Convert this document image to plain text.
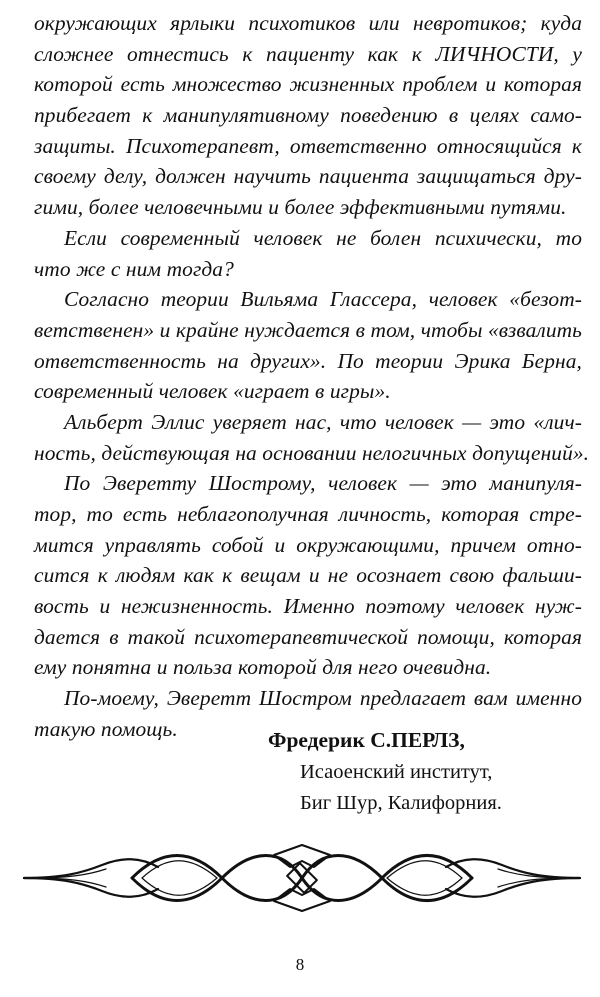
окружающих ярлыки психотиков или невротиков; куда
сложнее отнестись к пациенту как к ЛИЧНОСТИ, у
которой есть множество жизненных проблем и которая
прибегает к манипулятивному поведению в целях само-
защиты. Психотерапевт, ответственно относящийся к
своему делу, должен научить пациента защищаться дру-
гими, более человечными и более эффективными путями.
Если современный человек не болен психически, то
что же с ним тогда?
Согласно теории Вильяма Глассера, человек «безот-
ветственен» и крайне нуждается в том, чтобы «взвалить
ответственность на других». По теории Эрика Берна,
современный человек «играет в игры».
Альберт Эллис уверяет нас, что человек — это «лич-
ность, действующая на основании нелогичных допущений».
По Эверетту Шострому, человек — это манипуля-
тор, то есть неблагополучная личность, которая стре-
мится управлять собой и окружающими, причем отно-
сится к людям как к вещам и не осознает свою фальши-
вость и нежизненность. Именно поэтому человек нуж-
дается в такой психотерапевтической помощи, которая
ему понятна и польза которой для него очевидна.
По-моему, Эверетт Шостром предлагает вам именно
такую помощь.	Фредерик С.ПЕРЛЗ,
Исаоенский институт,
Биг Шур, Калифорния.
8
